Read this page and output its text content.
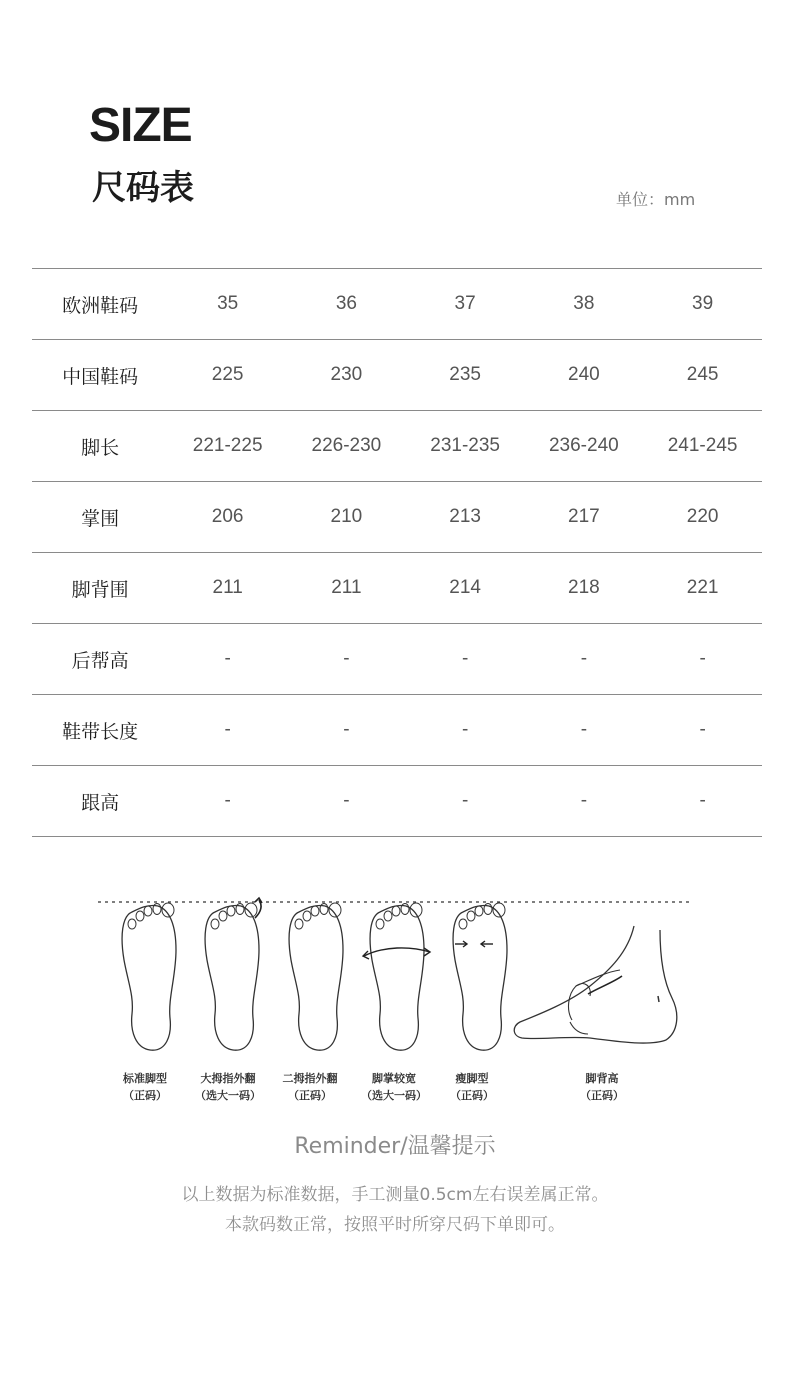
SIZE
尺码表	单位：mm
欧洲鞋码	35	36	37	38	39
中国鞋码	225	230	235	240	245
脚长	221-225	226-230	231-235	236-240	241-245
掌围	206	210	213	217	220
脚背围	211	211	214	218	221
后帮高	-	-	-	-	-
鞋带长度	-	-	-	-	-
跟高	-	-	-	-	-
标准脚型
（正码）
大拇指外翻
（选大一码）
二拇指外翻
（正码）
脚掌较宽
（选大一码）
瘦脚型
（正码）
脚背高
（正码）
Reminder/温馨提示
以上数据为标准数据，手工测量0.5cm左右误差属正常。
本款码数正常，按照平时所穿尺码下单即可。
